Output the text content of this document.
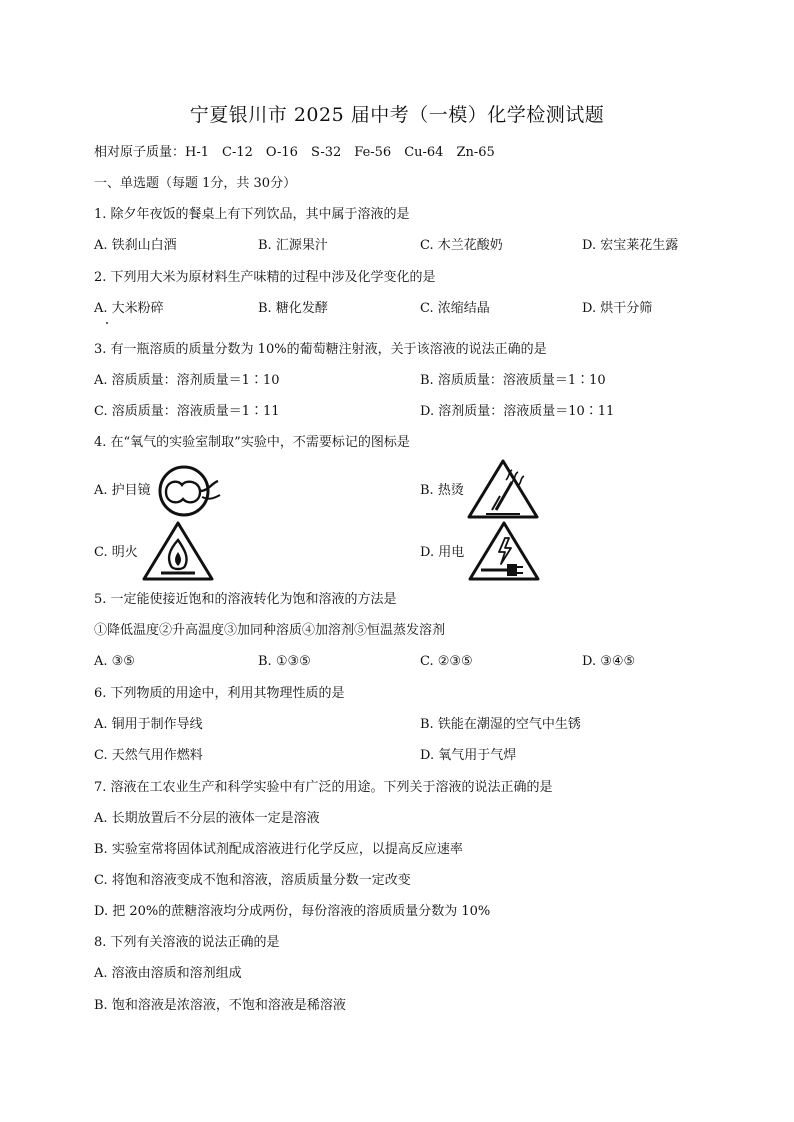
宁夏银川市 2025 届中考（一模）化学检测试题
相对原子质量：H-1　C-12　O-16　S-32　Fe-56　Cu-64　Zn-65
一、单选题（每题 1分，共 30分）
1. 除夕年夜饭的餐桌上有下列饮品，其中属于溶液的是
A. 铁刹山白酒	B. 汇源果汁	C. 木兰花酸奶	D. 宏宝莱花生露
2. 下列用大米为原材料生产味精的过程中涉及化学变化的是
A. 大米粉碎	B. 糖化发酵	C. 浓缩结晶	D. 烘干分筛
3. 有一瓶溶质的质量分数为 10%的葡萄糖注射液，关于该溶液的说法正确的是
A. 溶质质量：溶剂质量＝1∶10	B. 溶质质量：溶液质量＝1∶10
C. 溶质质量：溶液质量＝1∶11	D. 溶剂质量：溶液质量＝10∶11
4. 在“氧气的实验室制取”实验中，不需要标记的图标是
A. 护目镜	B. 热烫
C. 明火	D. 用电
5. 一定能使接近饱和的溶液转化为饱和溶液的方法是
①降低温度②升高温度③加同种溶质④加溶剂⑤恒温蒸发溶剂
A. ③⑤	B. ①③⑤	C. ②③⑤	D. ③④⑤
6. 下列物质的用途中，利用其物理性质的是
A. 铜用于制作导线	B. 铁能在潮湿的空气中生锈
C. 天然气用作燃料	D. 氧气用于气焊
7. 溶液在工农业生产和科学实验中有广泛的用途。下列关于溶液的说法正确的是
A. 长期放置后不分层的液体一定是溶液
B. 实验室常将固体试剂配成溶液进行化学反应，以提高反应速率
C. 将饱和溶液变成不饱和溶液，溶质质量分数一定改变
D. 把 20%的蔗糖溶液均分成两份，每份溶液的溶质质量分数为 10%
8. 下列有关溶液的说法正确的是
A. 溶液由溶质和溶剂组成
B. 饱和溶液是浓溶液，不饱和溶液是稀溶液
